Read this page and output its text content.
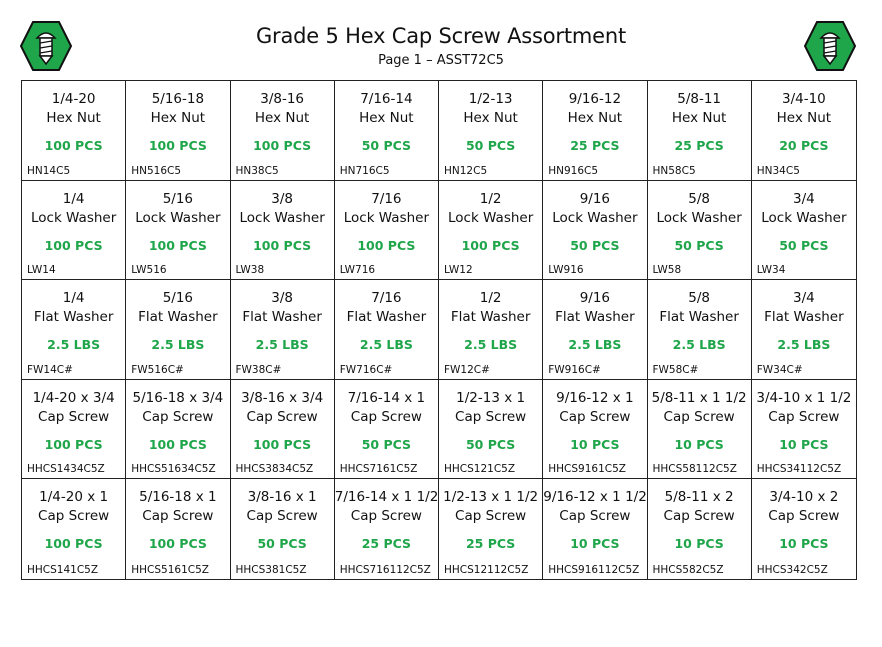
Grade 5 Hex Cap Screw Assortment
Page 1 – ASST72C5
1/4-20
Hex Nut
100 PCS
HN14C5
5/16-18
Hex Nut
100 PCS
HN516C5
3/8-16
Hex Nut
100 PCS
HN38C5
7/16-14
Hex Nut
50 PCS
HN716C5
1/2-13
Hex Nut
50 PCS
HN12C5
9/16-12
Hex Nut
25 PCS
HN916C5
5/8-11
Hex Nut
25 PCS
HN58C5
3/4-10
Hex Nut
20 PCS
HN34C5
1/4
Lock Washer
100 PCS
LW14
5/16
Lock Washer
100 PCS
LW516
3/8
Lock Washer
100 PCS
LW38
7/16
Lock Washer
100 PCS
LW716
1/2
Lock Washer
100 PCS
LW12
9/16
Lock Washer
50 PCS
LW916
5/8
Lock Washer
50 PCS
LW58
3/4
Lock Washer
50 PCS
LW34
1/4
Flat Washer
2.5 LBS
FW14C#
5/16
Flat Washer
2.5 LBS
FW516C#
3/8
Flat Washer
2.5 LBS
FW38C#
7/16
Flat Washer
2.5 LBS
FW716C#
1/2
Flat Washer
2.5 LBS
FW12C#
9/16
Flat Washer
2.5 LBS
FW916C#
5/8
Flat Washer
2.5 LBS
FW58C#
3/4
Flat Washer
2.5 LBS
FW34C#
1/4-20 x 3/4
Cap Screw
100 PCS
HHCS1434C5Z
5/16-18 x 3/4
Cap Screw
100 PCS
HHCS51634C5Z
3/8-16 x 3/4
Cap Screw
100 PCS
HHCS3834C5Z
7/16-14 x 1
Cap Screw
50 PCS
HHCS7161C5Z
1/2-13 x 1
Cap Screw
50 PCS
HHCS121C5Z
9/16-12 x 1
Cap Screw
10 PCS
HHCS9161C5Z
5/8-11 x 1 1/2
Cap Screw
10 PCS
HHCS58112C5Z
3/4-10 x 1 1/2
Cap Screw
10 PCS
HHCS34112C5Z
1/4-20 x 1
Cap Screw
100 PCS
HHCS141C5Z
5/16-18 x 1
Cap Screw
100 PCS
HHCS5161C5Z
3/8-16 x 1
Cap Screw
50 PCS
HHCS381C5Z
7/16-14 x 1 1/2
Cap Screw
25 PCS
HHCS716112C5Z
1/2-13 x 1 1/2
Cap Screw
25 PCS
HHCS12112C5Z
9/16-12 x 1 1/2
Cap Screw
10 PCS
HHCS916112C5Z
5/8-11 x 2
Cap Screw
10 PCS
HHCS582C5Z
3/4-10 x 2
Cap Screw
10 PCS
HHCS342C5Z
